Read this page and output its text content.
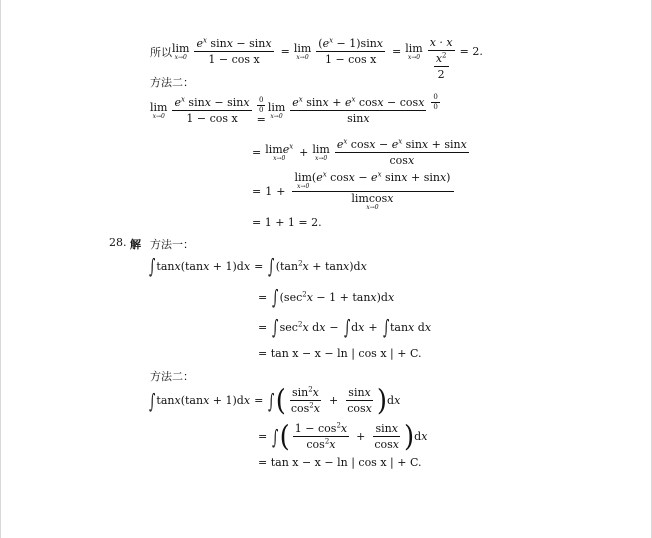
所以 lim
$x\to 0 \frac{e^x \sin x - \sin x}{\text{1 − cos x}} = \lim$
$x\to 0 \frac{(e^x - 1)\sin x}{\text{1 − cos x}} = \lim$
$x\to 0 \frac{x \cdot x}{\frac{x^2}{2}} = 2$.
方法二：
lim
$x\to 0 \frac{e^x \sin x - \sin x}{\text{1 − cos x}} \frac{0}{0}$
=
lim
$x\to 0 \frac{e^x \sin x + e^x \cos x - \cos x}{\sin x} \frac{0}{0}$
= lime$^x$
x→0 + lim
$x\to 0 \frac{e^x \cos x - e^x \sin x + \sin x}{\cos x}$
= 1 + lim
x→0
($e^x$ $\cos x - e^x$ sinx + sinx)
limcosx
x→0
= 1 + 1 = 2.
28. 解 方法一：
∫ tanx(tanx + 1)dx = ∫ $(\tan^2x + \tan x)dx$
= ∫ $(\sec^2x - 1 + \tan x)dx$
= ∫ $\sec^2x$ dx − ∫ dx + ∫ tanx dx
= tan x − x − ln | cos x | + C.
方法二：
∫ tanx(tanx + 1)dx = ∫ ( $\frac{\sin^2x}{\cos^2x} + \frac{\sin x}{\cos x}$ ) dx
= ∫ ( $\frac{1 - \cos^2x}{\cos^2x} + \frac{\sin x}{\cos x}$ ) dx
= tan x − x − ln | cos x | + C.
